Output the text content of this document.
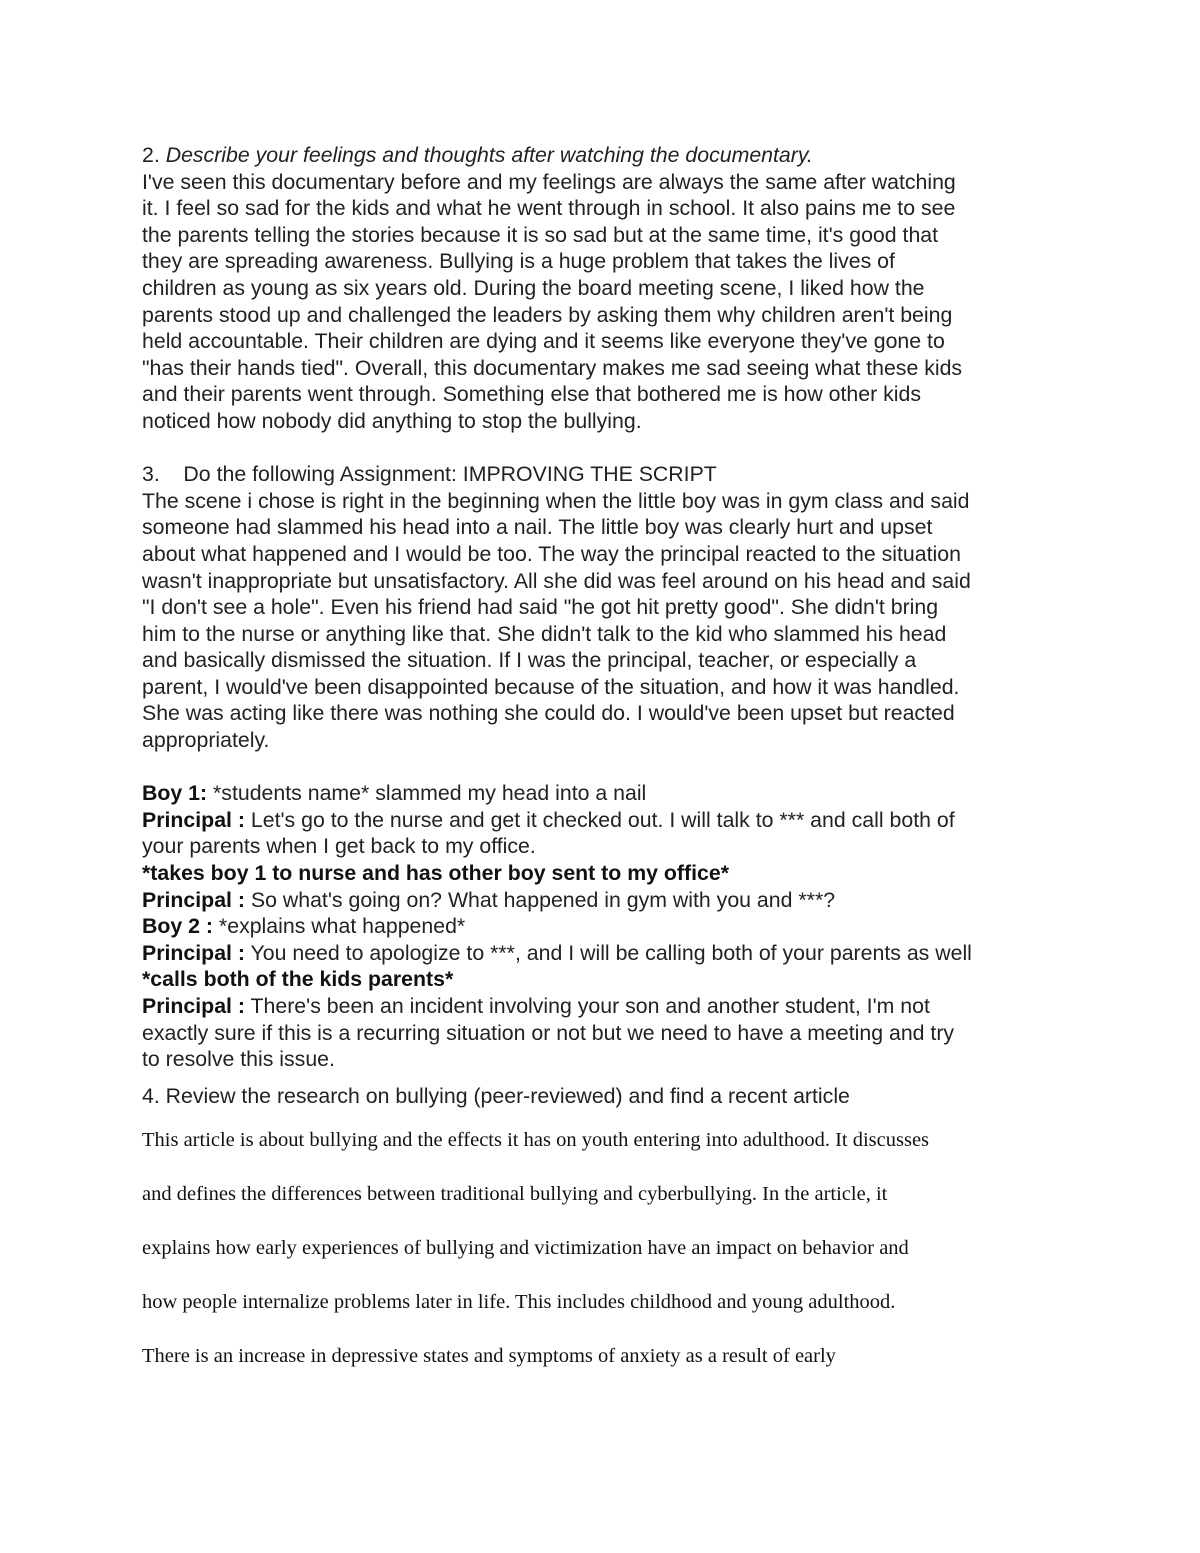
2. Describe your feelings and thoughts after watching the documentary.
I've seen this documentary before and my feelings are always the same after watching
it. I feel so sad for the kids and what he went through in school. It also pains me to see
the parents telling the stories because it is so sad but at the same time, it's good that
they are spreading awareness. Bullying is a huge problem that takes the lives of
children as young as six years old. During the board meeting scene, I liked how the
parents stood up and challenged the leaders by asking them why children aren't being
held accountable. Their children are dying and it seems like everyone they've gone to
"has their hands tied". Overall, this documentary makes me sad seeing what these kids
and their parents went through. Something else that bothered me is how other kids
noticed how nobody did anything to stop the bullying.
3.    Do the following Assignment: IMPROVING THE SCRIPT
The scene i chose is right in the beginning when the little boy was in gym class and said
someone had slammed his head into a nail. The little boy was clearly hurt and upset
about what happened and I would be too. The way the principal reacted to the situation
wasn't inappropriate but unsatisfactory. All she did was feel around on his head and said
"I don't see a hole". Even his friend had said "he got hit pretty good". She didn't bring
him to the nurse or anything like that. She didn't talk to the kid who slammed his head
and basically dismissed the situation. If I was the principal, teacher, or especially a
parent, I would've been disappointed because of the situation, and how it was handled.
She was acting like there was nothing she could do. I would've been upset but reacted
appropriately.
Boy 1: *students name* slammed my head into a nail
Principal : Let's go to the nurse and get it checked out. I will talk to *** and call both of
your parents when I get back to my office.
*takes boy 1 to nurse and has other boy sent to my office*
Principal : So what's going on? What happened in gym with you and ***?
Boy 2 : *explains what happened*
Principal : You need to apologize to ***, and I will be calling both of your parents as well
*calls both of the kids parents*
Principal : There's been an incident involving your son and another student, I'm not
exactly sure if this is a recurring situation or not but we need to have a meeting and try
to resolve this issue.
4. Review the research on bullying (peer-reviewed) and find a recent article
This article is about bullying and the effects it has on youth entering into adulthood. It discusses
and defines the differences between traditional bullying and cyberbullying. In the article, it
explains how early experiences of bullying and victimization have an impact on behavior and
how people internalize problems later in life. This includes childhood and young adulthood.
There is an increase in depressive states and symptoms of anxiety as a result of early
